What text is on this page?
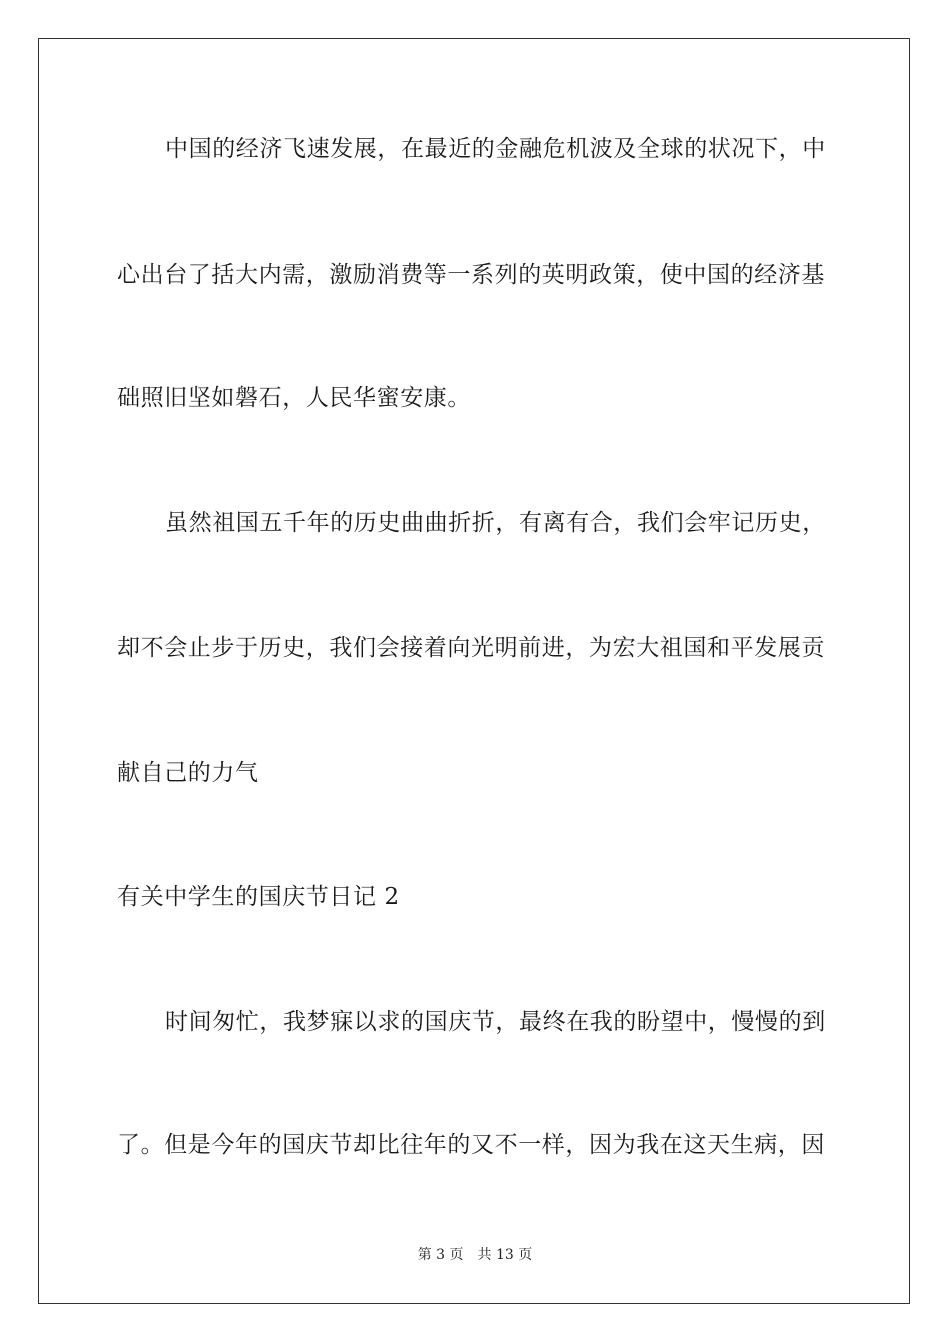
中国的经济飞速发展，在最近的金融危机波及全球的状况下，中
心出台了括大内需，激励消费等一系列的英明政策，使中国的经济基
础照旧坚如磐石，人民华蜜安康。
虽然祖国五千年的历史曲曲折折，有离有合，我们会牢记历史，
却不会止步于历史，我们会接着向光明前进，为宏大祖国和平发展贡
献自己的力气
有关中学生的国庆节日记 2
时间匆忙，我梦寐以求的国庆节，最终在我的盼望中，慢慢的到
了。但是今年的国庆节却比往年的又不一样，因为我在这天生病，因
第 3 页 共 13 页
